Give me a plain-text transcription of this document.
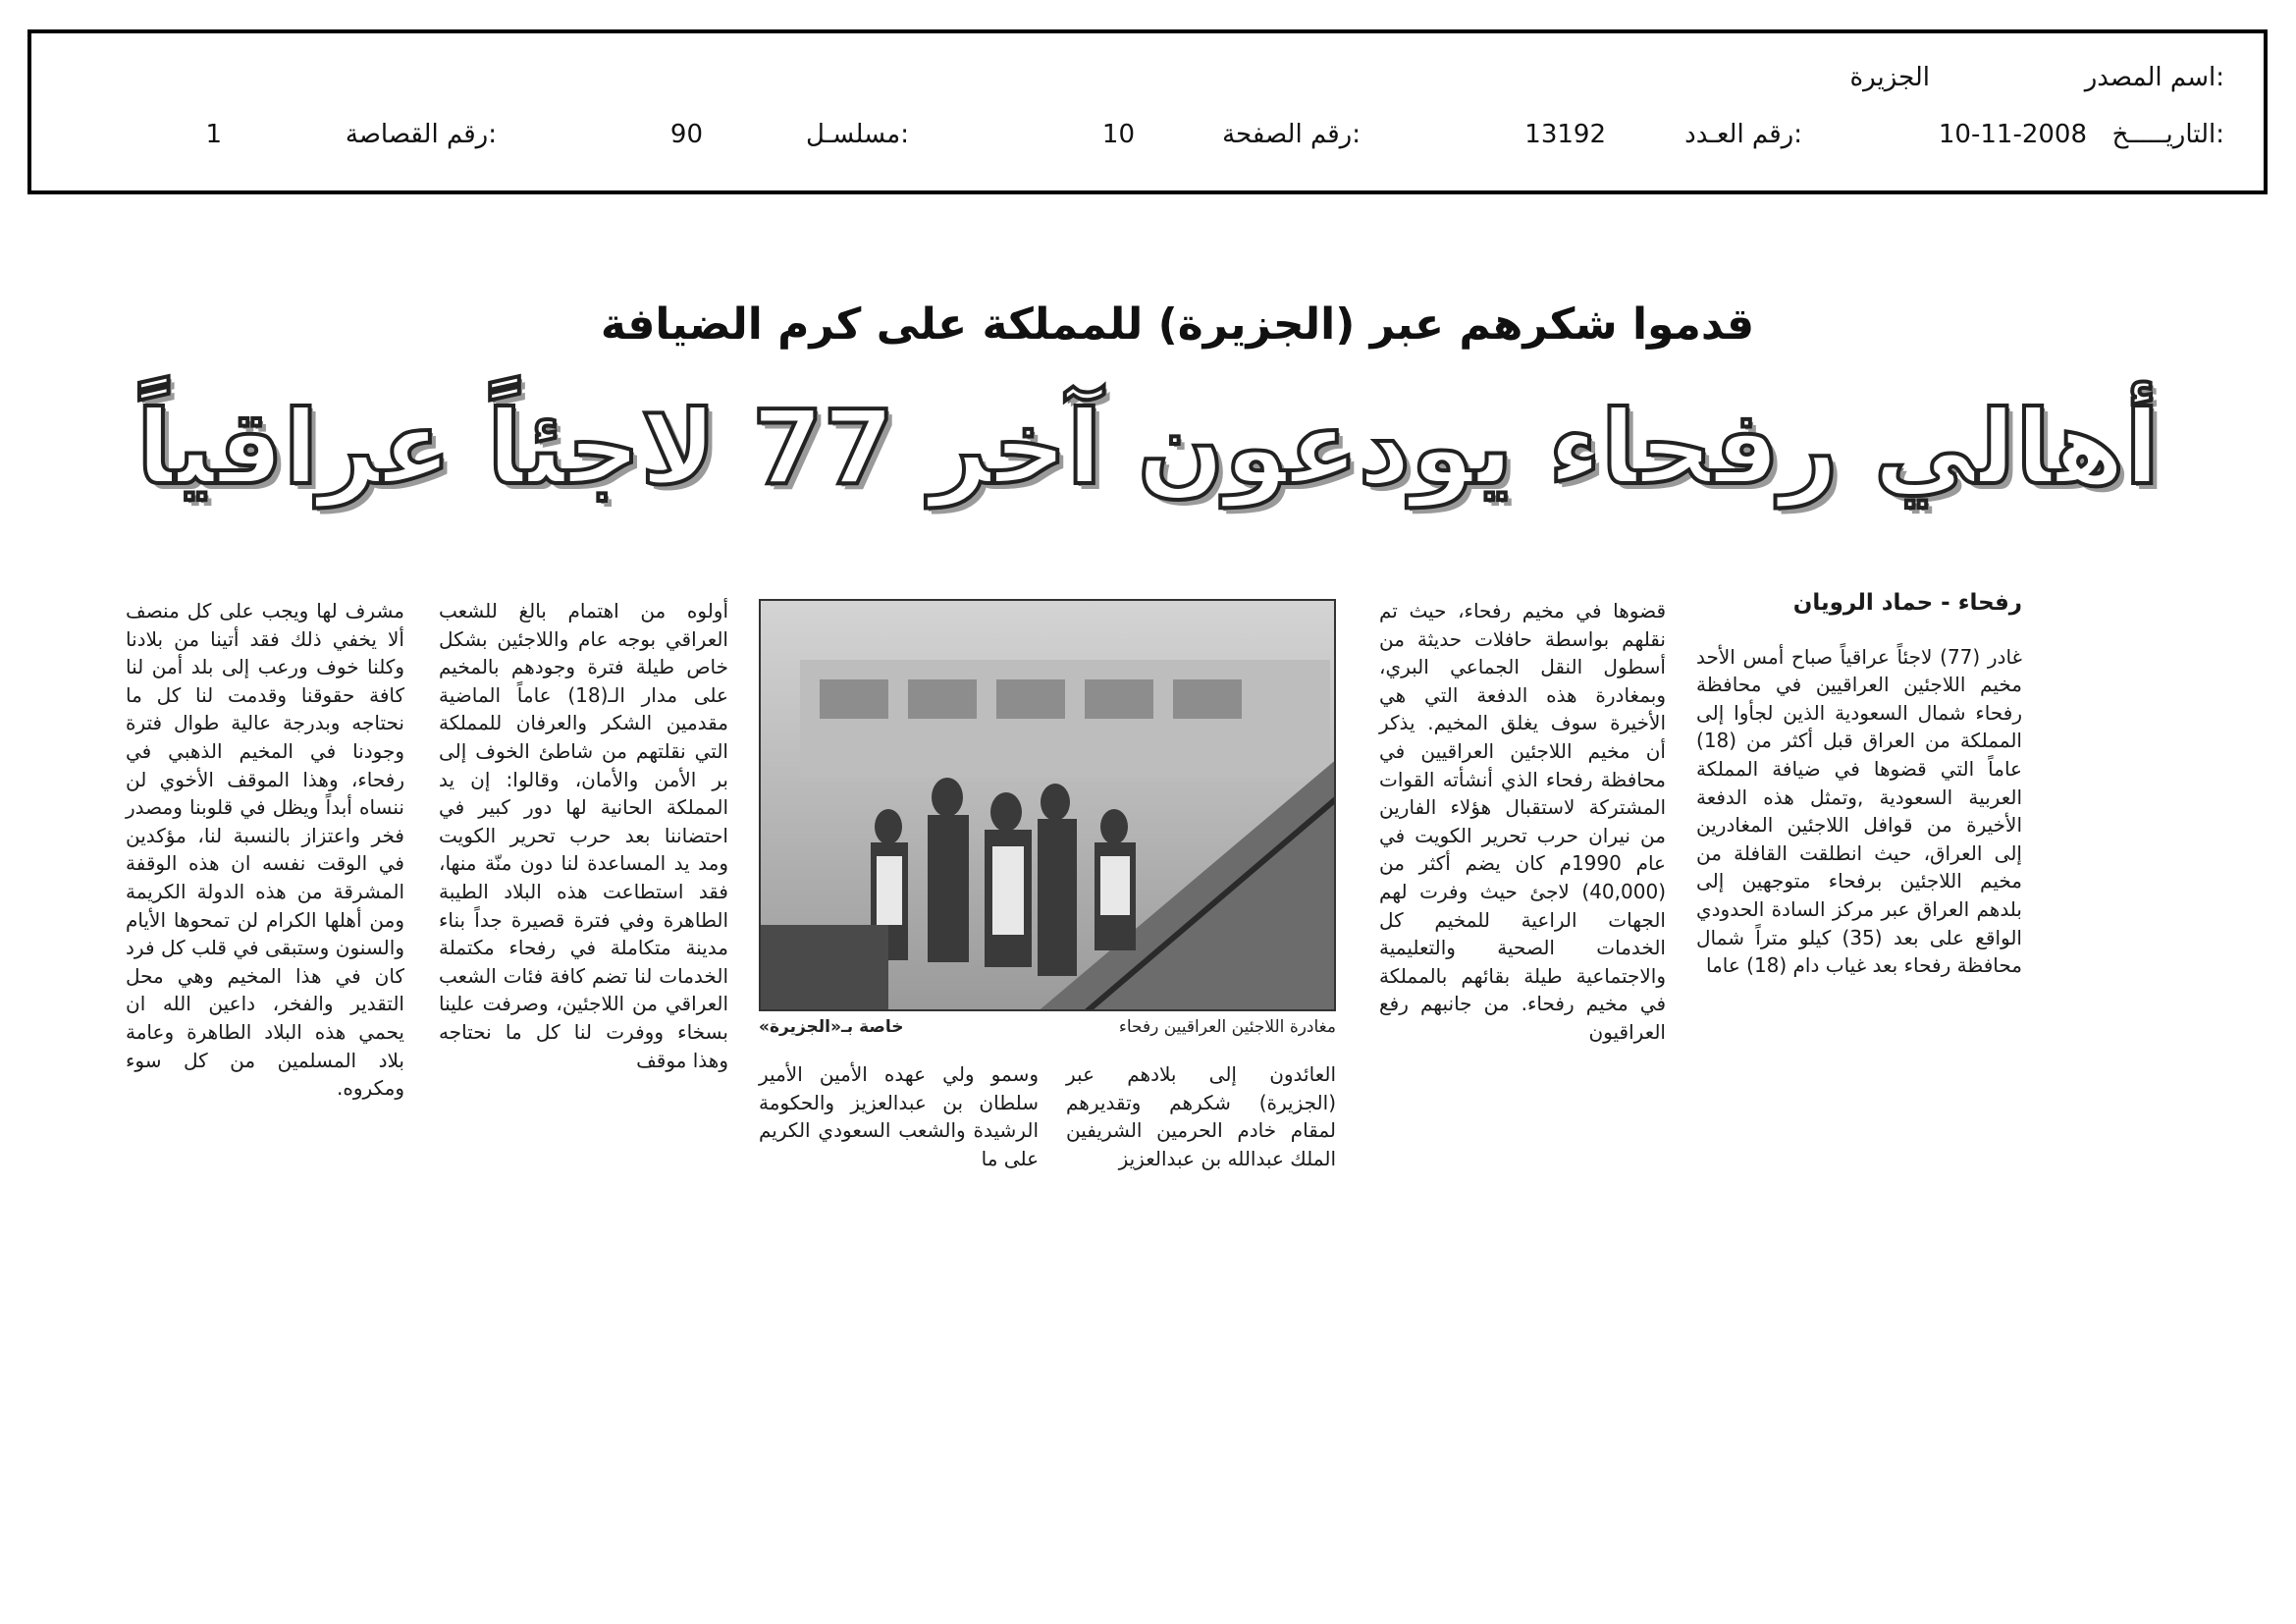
اسم المصدر:
الجزيرة
التاريـــــخ:
10-11-2008
رقم العـدد:
13192
رقم الصفحة:
10
مسلسـل:
90
رقم القصاصة:
1
قدموا شكرهم عبر (الجزيرة) للمملكة على كرم الضيافة
أهالي رفحاء يودعون آخر 77 لاجئاً عراقياً
رفحاء - حماد الرويان

غادر (77) لاجئاً عراقياً صباح أمس الأحد مخيم اللاجئين العراقيين في محافظة رفحاء شمال السعودية الذين لجأوا إلى المملكة من العراق قبل أكثر من (18) عاماً التي قضوها في ضيافة المملكة العربية السعودية ,وتمثل هذه الدفعة الأخيرة من قوافل اللاجئين المغادرين إلى العراق، حيث انطلقت القافلة من مخيم اللاجئين برفحاء متوجهين إلى بلدهم العراق عبر مركز السادة الحدودي الواقع على بعد (35) كيلو متراً شمال محافظة رفحاء بعد غياب دام (18) عاما

قضوها في مخيم رفحاء، حيث تم نقلهم بواسطة حافلات حديثة من أسطول النقل الجماعي البري، وبمغادرة هذه الدفعة التي هي الأخيرة سوف يغلق المخيم. يذكر أن مخيم اللاجئين العراقيين في محافظة رفحاء الذي أنشأته القوات المشتركة لاستقبال هؤلاء الفارين من نيران حرب تحرير الكويت في عام 1990م كان يضم أكثر من (40,000) لاجئ حيث وفرت لهم الجهات الراعية للمخيم كل الخدمات الصحية والتعليمية والاجتماعية طيلة بقائهم بالمملكة في مخيم رفحاء. من جانبهم رفع العراقيون

مغادرة اللاجئين العراقيين رفحاء
خاصة بـ«الجزيرة»

العائدون إلى بلادهم عبر (الجزيرة) شكرهم وتقديرهم لمقام خادم الحرمين الشريفين الملك عبدالله بن عبدالعزيز

وسمو ولي عهده الأمين الأمير سلطان بن عبدالعزيز والحكومة الرشيدة والشعب السعودي الكريم على ما

أولوه من اهتمام بالغ للشعب العراقي بوجه عام واللاجئين بشكل خاص طيلة فترة وجودهم بالمخيم على مدار الـ(18) عاماً الماضية مقدمين الشكر والعرفان للمملكة التي نقلتهم من شاطئ الخوف إلى بر الأمن والأمان، وقالوا: إن يد المملكة الحانية لها دور كبير في احتضاننا بعد حرب تحرير الكويت ومد يد المساعدة لنا دون منّة منها، فقد استطاعت هذه البلاد الطيبة الطاهرة وفي فترة قصيرة جداً بناء مدينة متكاملة في رفحاء مكتملة الخدمات لنا تضم كافة فئات الشعب العراقي من اللاجئين، وصرفت علينا بسخاء ووفرت لنا كل ما نحتاجه وهذا موقف

مشرف لها ويجب على كل منصف ألا يخفي ذلك فقد أتينا من بلادنا وكلنا خوف ورعب إلى بلد أمن لنا كافة حقوقنا وقدمت لنا كل ما نحتاجه وبدرجة عالية طوال فترة وجودنا في المخيم الذهبي في رفحاء، وهذا الموقف الأخوي لن ننساه أبداً ويظل في قلوبنا ومصدر فخر واعتزاز بالنسبة لنا، مؤكدين في الوقت نفسه ان هذه الوقفة المشرقة من هذه الدولة الكريمة ومن أهلها الكرام لن تمحوها الأيام والسنون وستبقى في قلب كل فرد كان في هذا المخيم وهي محل التقدير والفخر، داعين الله ان يحمي هذه البلاد الطاهرة وعامة بلاد المسلمين من كل سوء ومكروه.
